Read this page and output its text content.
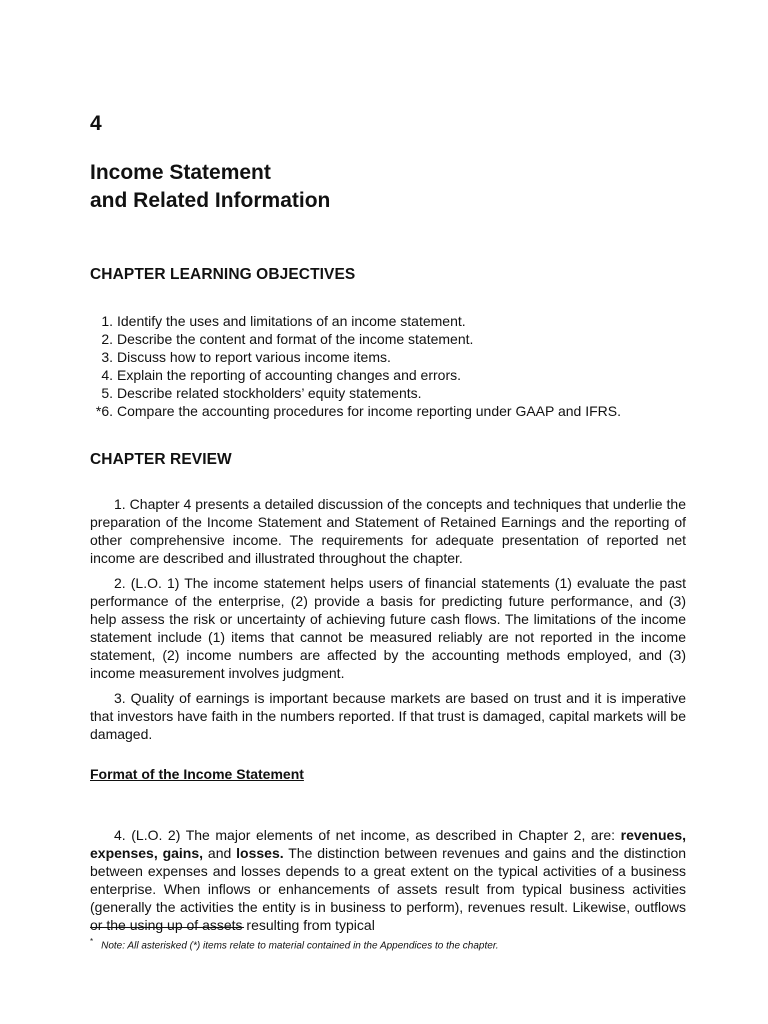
4
Income Statement
and Related Information
CHAPTER LEARNING OBJECTIVES
1. Identify the uses and limitations of an income statement.
2. Describe the content and format of the income statement.
3. Discuss how to report various income items.
4. Explain the reporting of accounting changes and errors.
5. Describe related stockholders’ equity statements.
*6. Compare the accounting procedures for income reporting under GAAP and IFRS.
CHAPTER REVIEW

1. Chapter 4 presents a detailed discussion of the concepts and techniques that underlie the preparation of the Income Statement and Statement of Retained Earnings and the reporting of other comprehensive income. The requirements for adequate presentation of reported net income are described and illustrated throughout the chapter.

2. (L.O. 1) The income statement helps users of financial statements (1) evaluate the past performance of the enterprise, (2) provide a basis for predicting future performance, and (3) help assess the risk or uncertainty of achieving future cash flows. The limitations of the income statement include (1) items that cannot be measured reliably are not reported in the income statement, (2) income numbers are affected by the accounting methods employed, and (3) income measurement involves judgment.

3. Quality of earnings is important because markets are based on trust and it is imperative that investors have faith in the numbers reported. If that trust is damaged, capital markets will be damaged.

Format of the Income Statement

4. (L.O. 2) The major elements of net income, as described in Chapter 2, are: revenues, expenses, gains, and losses. The distinction between revenues and gains and the distinction between expenses and losses depends to a great extent on the typical activities of a business enterprise. When inflows or enhancements of assets result from typical business activities (generally the activities the entity is in business to perform), revenues result. Likewise, outflows or the using up of assets resulting from typical

* Note: All asterisked (*) items relate to material contained in the Appendices to the chapter.
